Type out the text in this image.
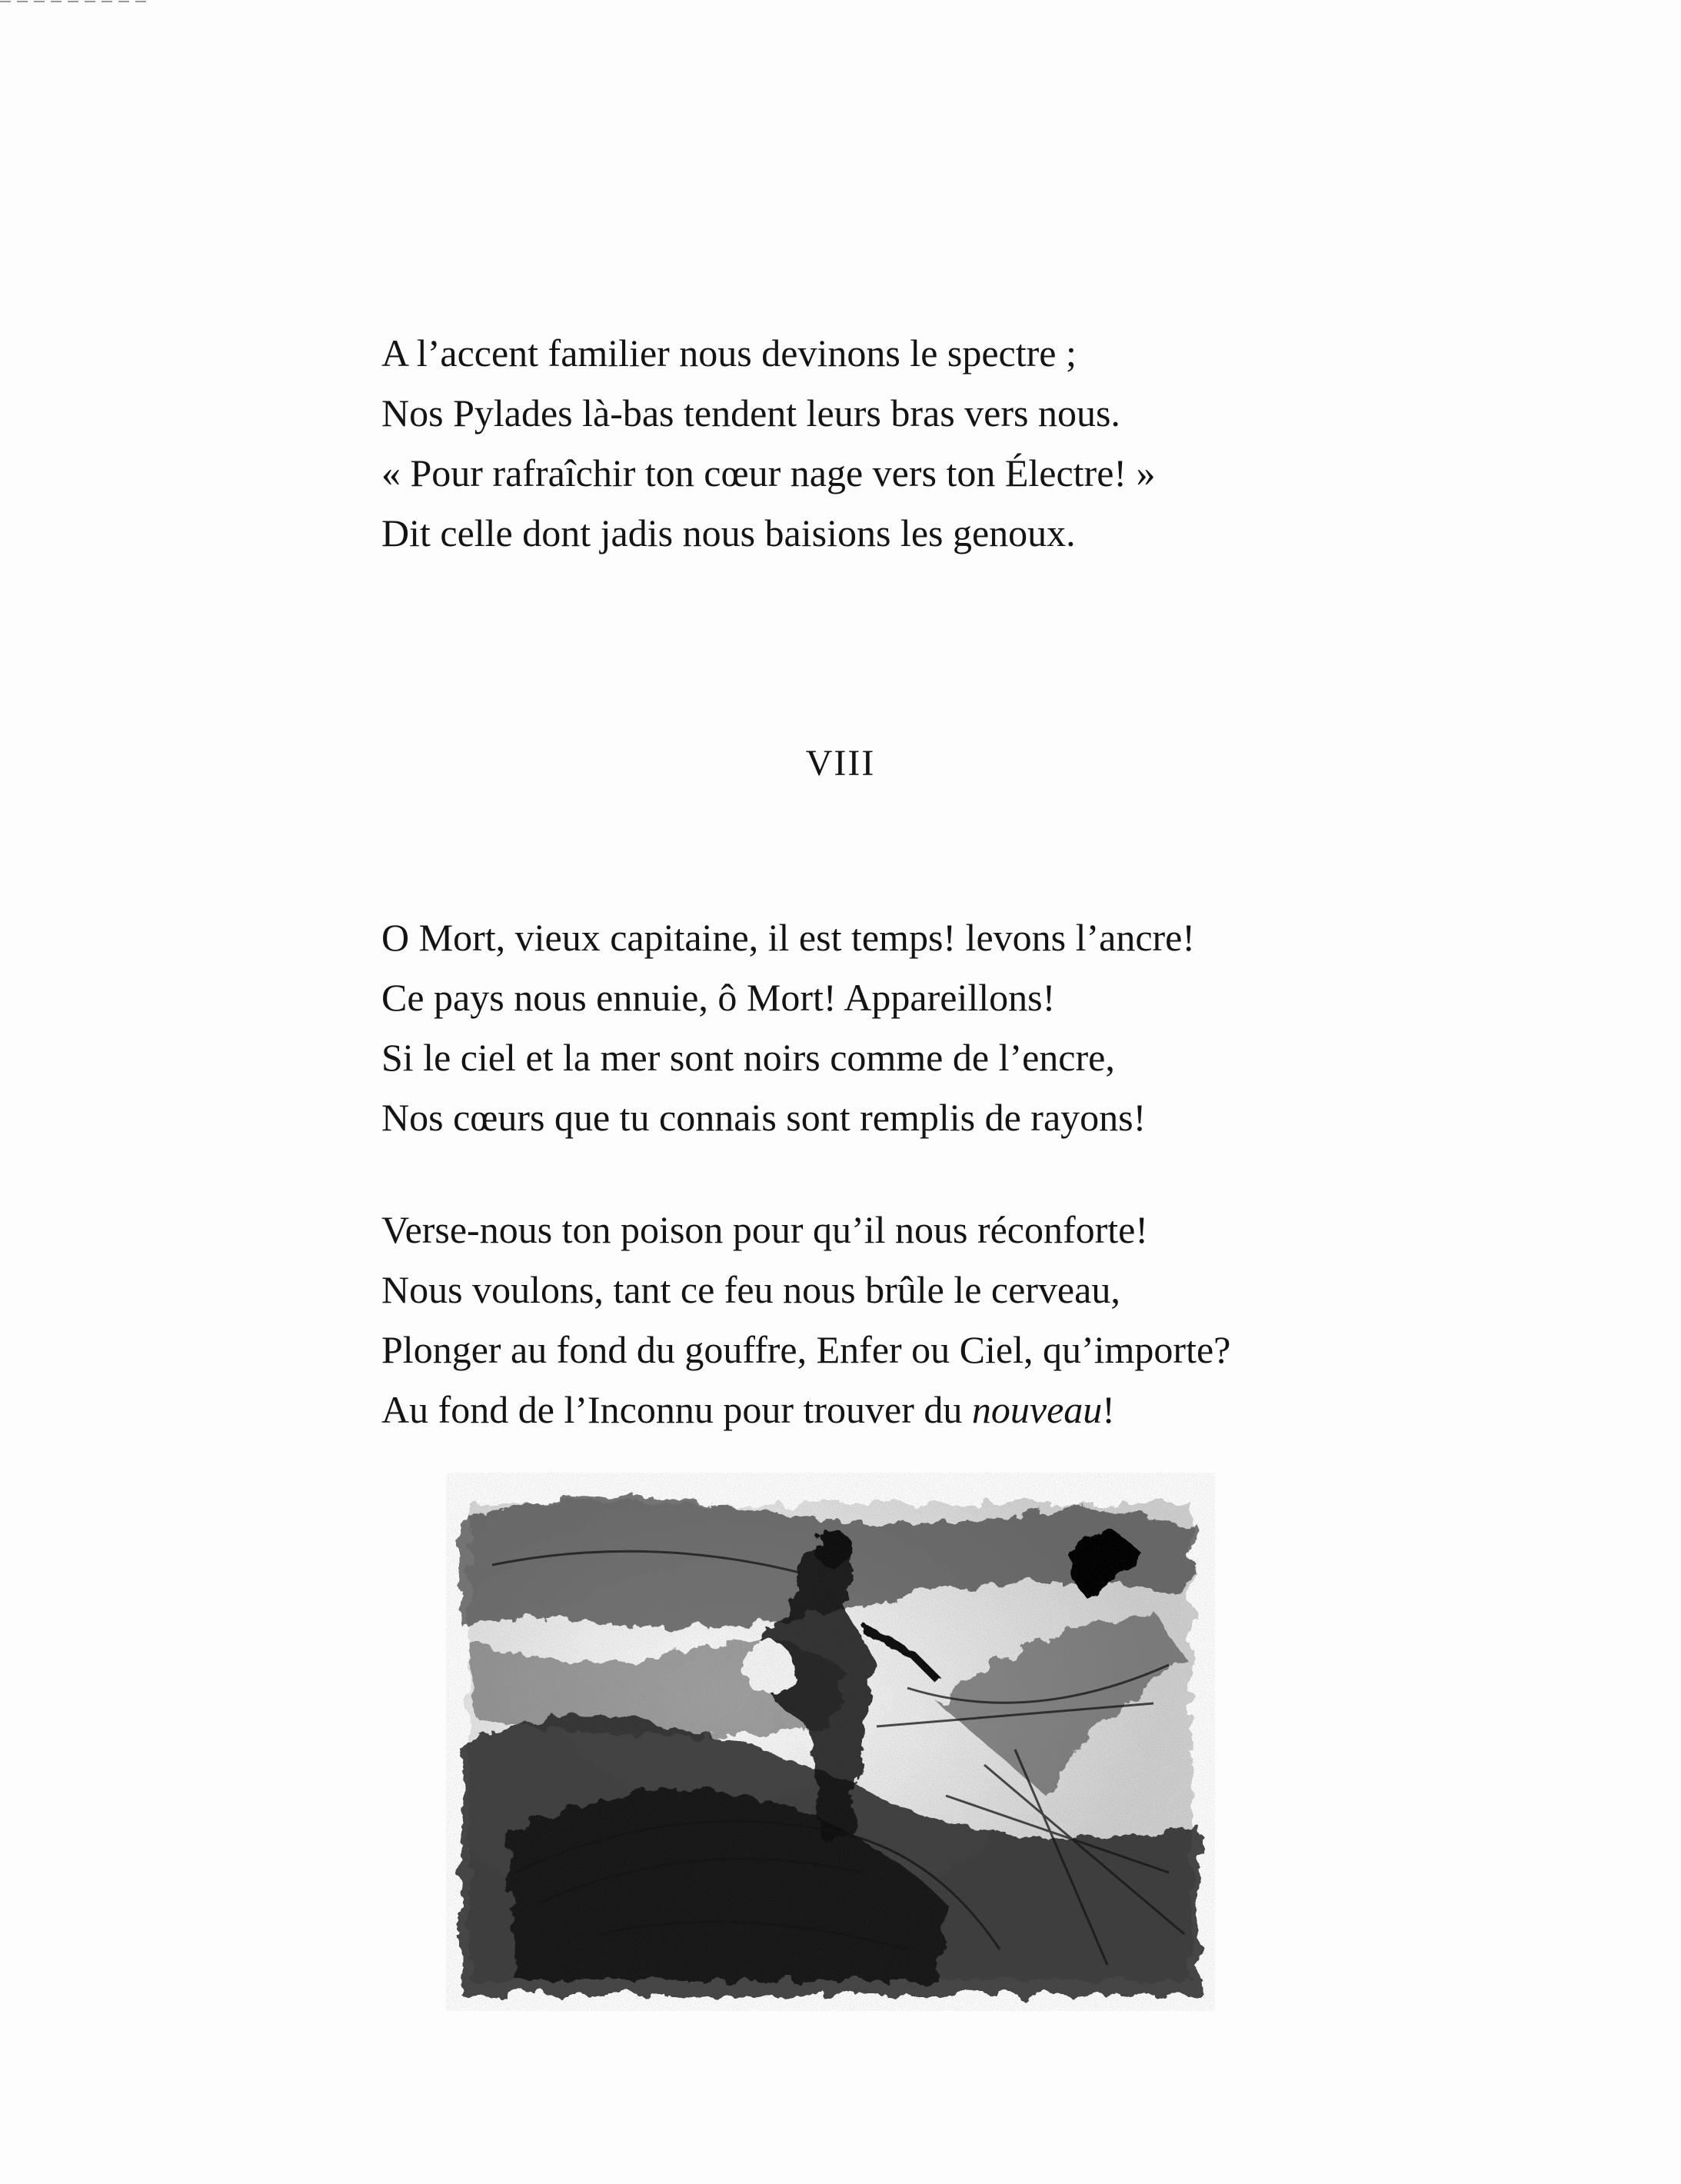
A l’accent familier nous devinons le spectre ;
Nos Pylades là-bas tendent leurs bras vers nous.
« Pour rafraîchir ton cœur nage vers ton Électre! »
Dit celle dont jadis nous baisions les genoux.
VIII
O Mort, vieux capitaine, il est temps! levons l’ancre!
Ce pays nous ennuie, ô Mort! Appareillons!
Si le ciel et la mer sont noirs comme de l’encre,
Nos cœurs que tu connais sont remplis de rayons!
Verse-nous ton poison pour qu’il nous réconforte!
Nous voulons, tant ce feu nous brûle le cerveau,
Plonger au fond du gouffre, Enfer ou Ciel, qu’importe?
Au fond de l’Inconnu pour trouver du nouveau!
